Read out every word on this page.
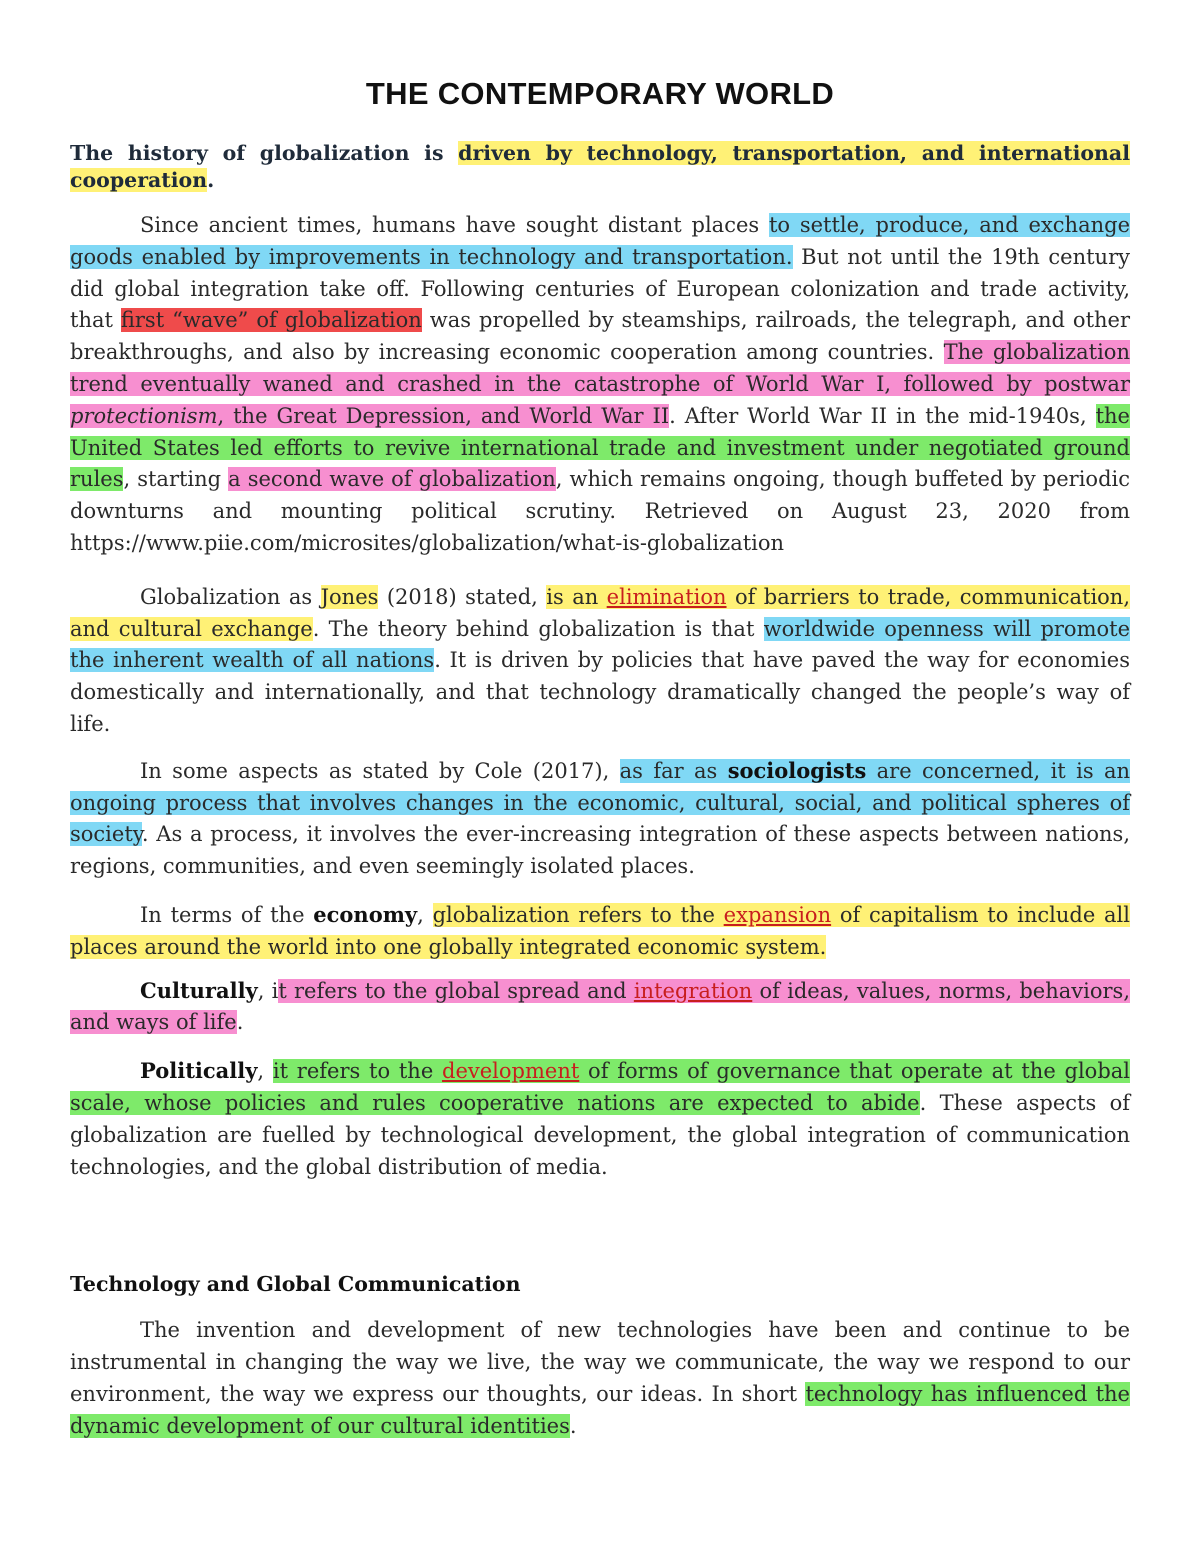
THE CONTEMPORARY WORLD

The history of globalization is driven by technology, transportation, and international cooperation.

Since ancient times, humans have sought distant places to settle, produce, and exchange goods enabled by improvements in technology and transportation. But not until the 19th century did global integration take off. Following centuries of European colonization and trade activity, that first “wave” of globalization was propelled by steamships, railroads, the telegraph, and other breakthroughs, and also by increasing economic cooperation among countries. The globalization trend eventually waned and crashed in the catastrophe of World War I, followed by postwar protectionism, the Great Depression, and World War II. After World War II in the mid-1940s, the United States led efforts to revive international trade and investment under negotiated ground rules, starting a second wave of globalization, which remains ongoing, though buffeted by periodic downturns and mounting political scrutiny. Retrieved on August 23, 2020 from https://www.piie.com/microsites/globalization/what-is-globalization

Globalization as Jones (2018) stated, is an elimination of barriers to trade, communication, and cultural exchange. The theory behind globalization is that worldwide openness will promote the inherent wealth of all nations. It is driven by policies that have paved the way for economies domestically and internationally, and that technology dramatically changed the people’s way of life.

In some aspects as stated by Cole (2017), as far as sociologists are concerned, it is an ongoing process that involves changes in the economic, cultural, social, and political spheres of society. As a process, it involves the ever-increasing integration of these aspects between nations, regions, communities, and even seemingly isolated places.

In terms of the economy, globalization refers to the expansion of capitalism to include all places around the world into one globally integrated economic system.

Culturally, it refers to the global spread and integration of ideas, values, norms, behaviors, and ways of life.

Politically, it refers to the development of forms of governance that operate at the global scale, whose policies and rules cooperative nations are expected to abide. These aspects of globalization are fuelled by technological development, the global integration of communication technologies, and the global distribution of media.

Technology and Global Communication

The invention and development of new technologies have been and continue to be instrumental in changing the way we live, the way we communicate, the way we respond to our environment, the way we express our thoughts, our ideas. In short technology has influenced the dynamic development of our cultural identities.
